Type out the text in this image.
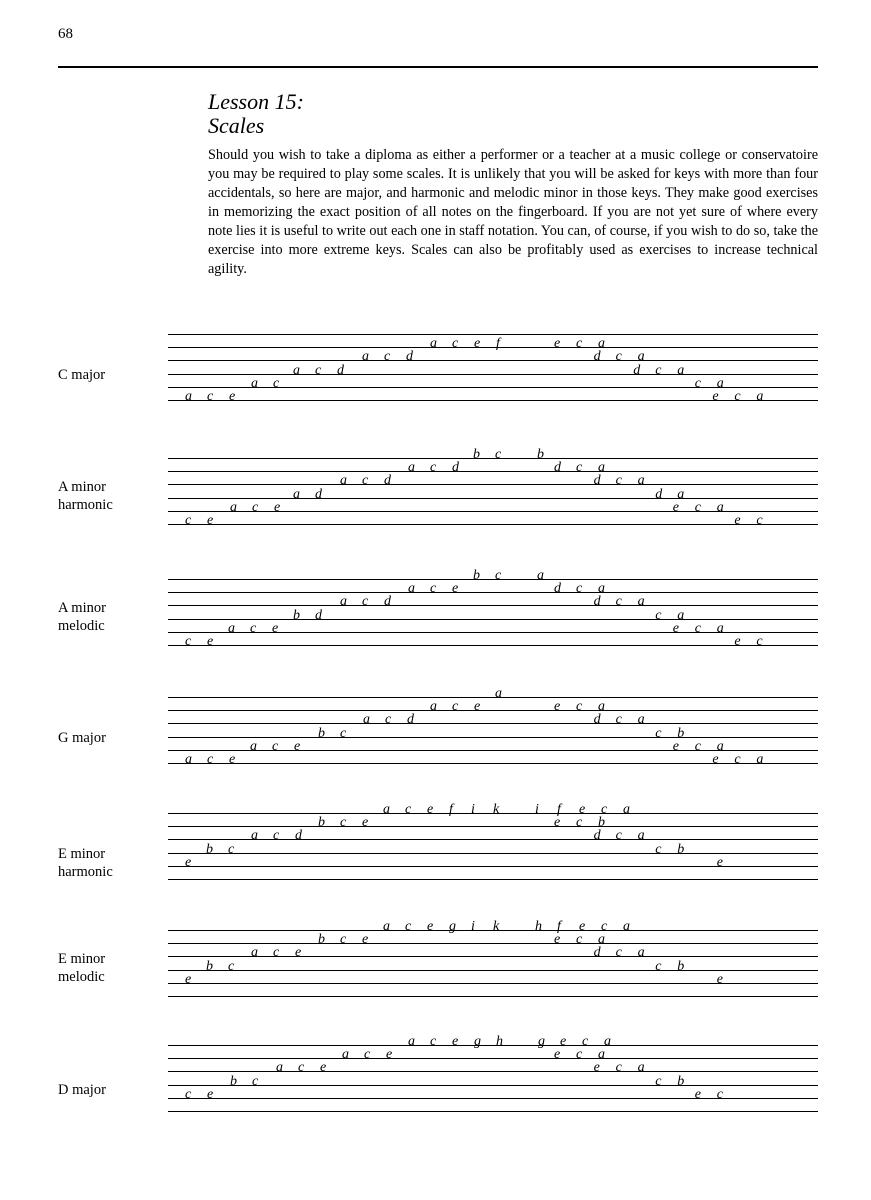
68
Lesson 15:
Scales
Should you wish to take a diploma as either a performer or a teacher at a music college or conservatoire you may be required to play some scales. It is unlikely that you will be asked for keys with more than four accidentals, so here are major, and harmonic and melodic minor in those keys. They make good exercises in memorizing the exact position of all notes on the fingerboard. If you are not yet sure of where every note lies it is useful to write out each one in staff notation. You can, of course, if you wish to do so, take the exercise into more extreme keys. Scales can also be profitably used as exercises to increase technical agility.
C major
a c e f	e c a
a c d	d c a
a c d	d c a
a c	c a
a c e	e c a
A minor
harmonic
b c	b
a c d	d c a
a c d	d c a
a d	d a
a c e	e c a
c e	e c
A minor
melodic
b c	a
a c e	d c a
a c d	d c a
b d	c a
a c e	e c a
c e	e c
G major
a
a c e	e c a
a c d	d c a
b c	c b
a c e	e c a
a c e	e c a
E minor
harmonic
a c e f i k	i f e c a
b c e	e c b
a c d	d c a
b c	c b
e	e
E minor
melodic
a c e g i k	h f e c a
b c e	e c a
a c e	d c a
b c	c b
e	e
D major
a c e g h	g e c a
a c e	e c a
a c e	e c a
b c	c b
c e	e c
